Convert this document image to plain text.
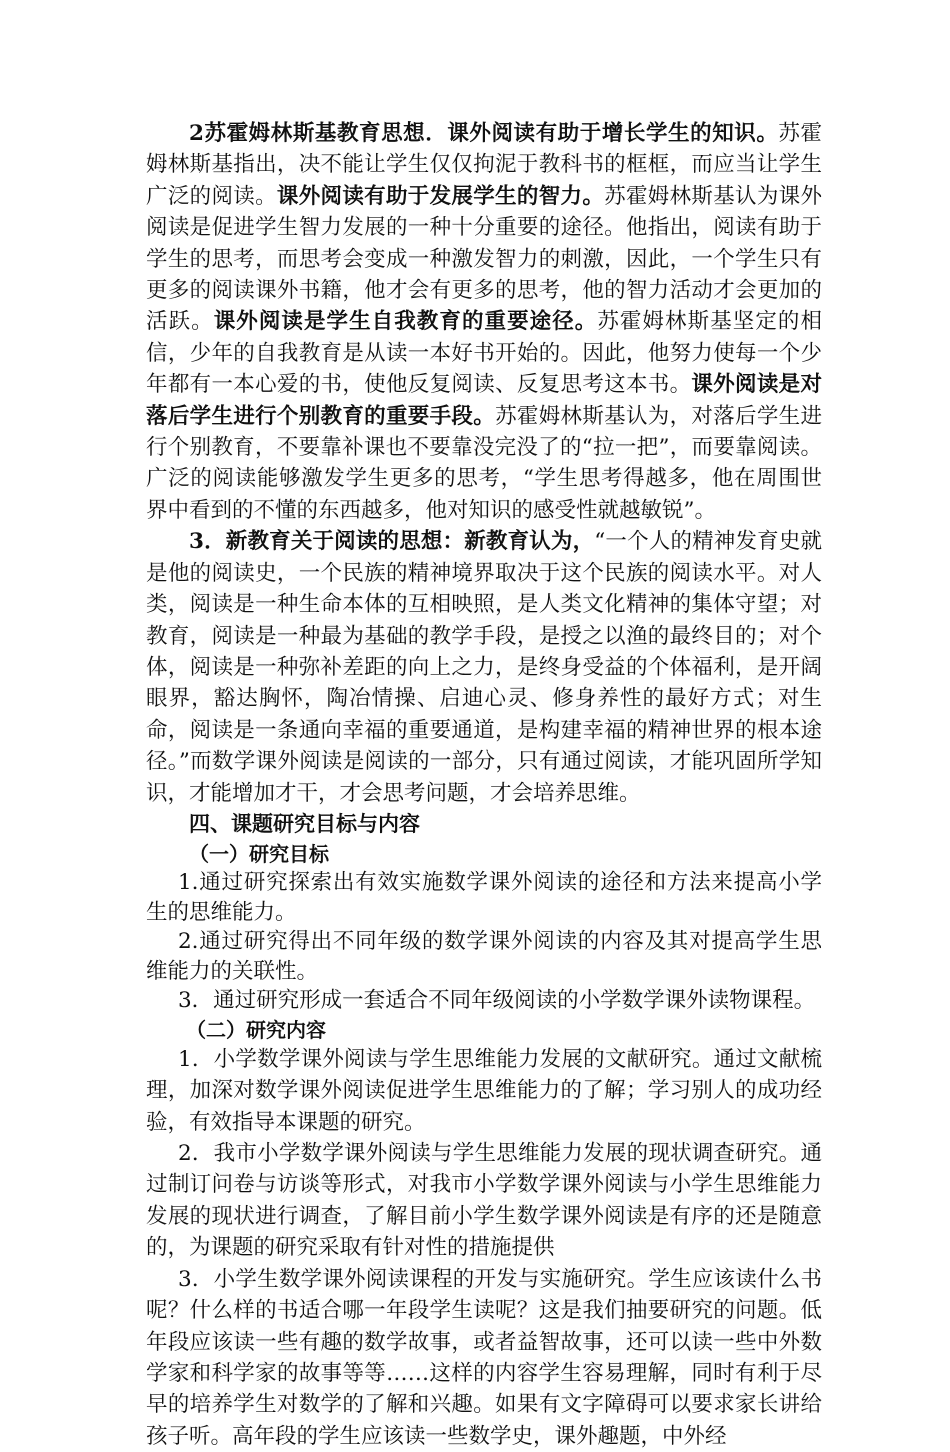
2苏霍姆林斯基教育思想．课外阅读有助于增长学生的知识。苏霍姆林斯基指出，决不能让学生仅仅拘泥于教科书的框框，而应当让学生广泛的阅读。课外阅读有助于发展学生的智力。苏霍姆林斯基认为课外阅读是促进学生智力发展的一种十分重要的途径。他指出，阅读有助于学生的思考，而思考会变成一种激发智力的刺激，因此，一个学生只有更多的阅读课外书籍，他才会有更多的思考，他的智力活动才会更加的活跃。课外阅读是学生自我教育的重要途径。苏霍姆林斯基坚定的相信，少年的自我教育是从读一本好书开始的。因此，他努力使每一个少年都有一本心爱的书，使他反复阅读、反复思考这本书。课外阅读是对落后学生进行个别教育的重要手段。苏霍姆林斯基认为，对落后学生进行个别教育，不要靠补课也不要靠没完没了的“拉一把”，而要靠阅读。广泛的阅读能够激发学生更多的思考，“学生思考得越多，他在周围世界中看到的不懂的东西越多，他对知识的感受性就越敏锐”。

3．新教育关于阅读的思想：新教育认为，“一个人的精神发育史就是他的阅读史，一个民族的精神境界取决于这个民族的阅读水平。对人类，阅读是一种生命本体的互相映照，是人类文化精神的集体守望；对教育，阅读是一种最为基础的教学手段，是授之以渔的最终目的；对个体，阅读是一种弥补差距的向上之力，是终身受益的个体福利，是开阔眼界，豁达胸怀，陶冶情操、启迪心灵、修身养性的最好方式；对生命，阅读是一条通向幸福的重要通道，是构建幸福的精神世界的根本途径。”而数学课外阅读是阅读的一部分，只有通过阅读，才能巩固所学知识，才能增加才干，才会思考问题，才会培养思维。

四、课题研究目标与内容

（一）研究目标

1.通过研究探索出有效实施数学课外阅读的途径和方法来提高小学生的思维能力。

2.通过研究得出不同年级的数学课外阅读的内容及其对提高学生思维能力的关联性。

3．通过研究形成一套适合不同年级阅读的小学数学课外读物课程。

（二）研究内容

1．小学数学课外阅读与学生思维能力发展的文献研究。通过文献梳理，加深对数学课外阅读促进学生思维能力的了解；学习别人的成功经验，有效指导本课题的研究。

2．我市小学数学课外阅读与学生思维能力发展的现状调查研究。通过制订问卷与访谈等形式，对我市小学数学课外阅读与小学生思维能力发展的现状进行调查，了解目前小学生数学课外阅读是有序的还是随意的，为课题的研究采取有针对性的措施提供

3．小学生数学课外阅读课程的开发与实施研究。学生应该读什么书呢？什么样的书适合哪一年段学生读呢？这是我们抽要研究的问题。低年段应该读一些有趣的数学故事，或者益智故事，还可以读一些中外数学家和科学家的故事等等……这样的内容学生容易理解，同时有利于尽早的培养学生对数学的了解和兴趣。如果有文字障碍可以要求家长讲给孩子听。高年段的学生应该读一些数学史，课外趣题，中外经
